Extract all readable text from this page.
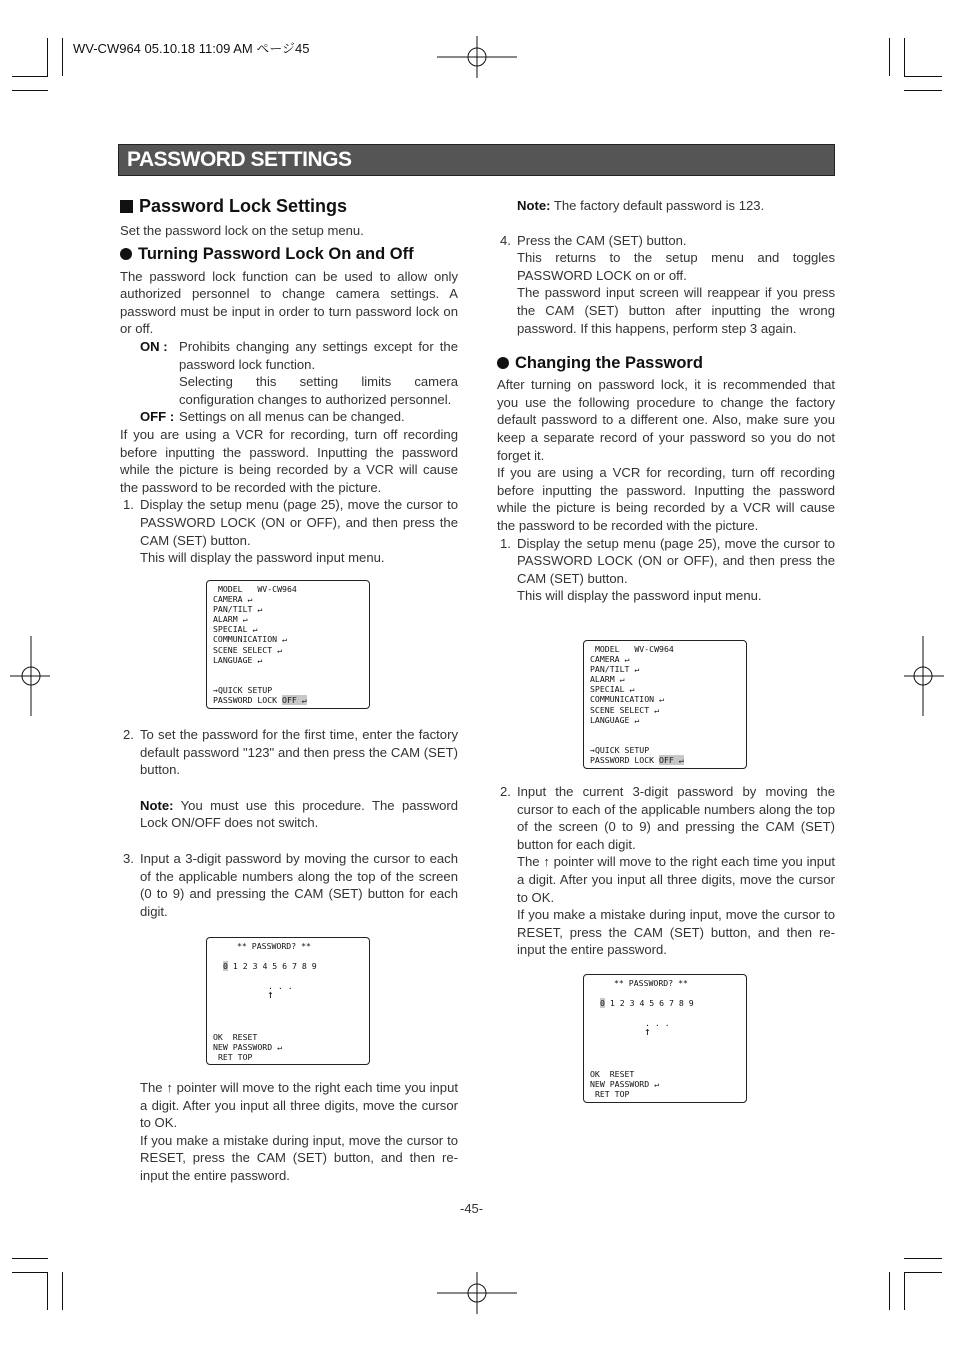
WV-CW964 05.10.18 11:09 AM ページ45
PASSWORD SETTINGS
Password Lock Settings

Set the password lock on the setup menu.

Turning Password Lock On and Off

The password lock function can be used to allow only authorized personnel to change camera settings. A password must be input in order to turn password lock on or off.

ON : Prohibits changing any settings except for the password lock function.

Selecting this setting limits camera configuration changes to authorized personnel.

OFF : Settings on all menus can be changed.

If you are using a VCR for recording, turn off recording before inputting the password. Inputting the password while the picture is being recorded by a VCR will cause the password to be recorded with the picture.

1. Display the setup menu (page 25), move the cursor to PASSWORD LOCK (ON or OFF), and then press the CAM (SET) button.

This will display the password input menu.

MODEL   WV-CW964
CAMERA ↵
PAN/TILT ↵
ALARM ↵
SPECIAL ↵
COMMUNICATION ↵
SCENE SELECT ↵
LANGUAGE ↵
→QUICK SETUP
PASSWORD LOCK OFF ↵
2. To set the password for the first time, enter the factory default password "123" and then press the CAM (SET) button.

Note: You must use this procedure. The password Lock ON/OFF does not switch.

3. Input a 3-digit password by moving the cursor to each of the applicable numbers along the top of the screen (0 to 9) and pressing the CAM (SET) button for each digit.

** PASSWORD? **
0 1 2 3 4 5 6 7 8 9
. . .
↑
OK  RESET
NEW PASSWORD ↵
RET TOP

The ↑ pointer will move to the right each time you input a digit. After you input all three digits, move the cursor to OK.

If you make a mistake during input, move the cursor to RESET, press the CAM (SET) button, and then re-input the entire password.

Note: The factory default password is 123.

4. Press the CAM (SET) button.

This returns to the setup menu and toggles PASSWORD LOCK on or off.

The password input screen will reappear if you press the CAM (SET) button after inputting the wrong password. If this happens, perform step 3 again.

Changing the Password

After turning on password lock, it is recommended that you use the following procedure to change the factory default password to a different one. Also, make sure you keep a separate record of your password so you do not forget it.

If you are using a VCR for recording, turn off recording before inputting the password. Inputting the password while the picture is being recorded by a VCR will cause the password to be recorded with the picture.

1. Display the setup menu (page 25), move the cursor to PASSWORD LOCK (ON or OFF), and then press the CAM (SET) button.

This will display the password input menu.

MODEL   WV-CW964
CAMERA ↵
PAN/TILT ↵
ALARM ↵
SPECIAL ↵
COMMUNICATION ↵
SCENE SELECT ↵
LANGUAGE ↵
→QUICK SETUP
PASSWORD LOCK OFF ↵
2. Input the current 3-digit password by moving the cursor to each of the applicable numbers along the top of the screen (0 to 9) and pressing the CAM (SET) button for each digit.

The ↑ pointer will move to the right each time you input a digit. After you input all three digits, move the cursor to OK.

If you make a mistake during input, move the cursor to RESET, press the CAM (SET) button, and then re-input the entire password.

** PASSWORD? **
0 1 2 3 4 5 6 7 8 9
. . .
↑
OK  RESET
NEW PASSWORD ↵
RET TOP
-45-
